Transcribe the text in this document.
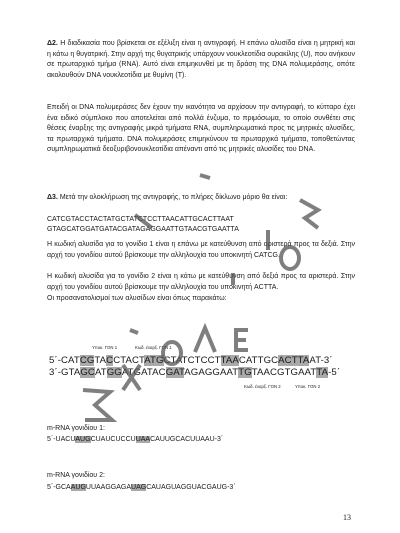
Δ2. Η διαδικασία που βρίσκεται σε εξέλιξη είναι η αντιγραφή. Η επάνω αλυσίδα είναι η μητρική και η κάτω η θυγατρική. Στην αρχή της θυγατρικής υπάρχουν νουκλεοτίδια ουρακίλης (U), που ανήκουν σε πρωταρχικό τμήμα (RNA). Αυτό είναι επιμηκυνθεί με τη δράση της DNA πολυμεράσης, οπότε ακολουθούν DNA νουκλεοτίδια με θυμίνη (T).

Επειδή οι DNA πολυμεράσες δεν έχουν την ικανότητα να αρχίσουν την αντιγραφή, το κύτταρο έχει ένα ειδικό σύμπλοκο που αποτελείται από πολλά ένζυμα, το πριμόσωμα, το οποίο συνθέτει στις θέσεις έναρξης της αντιγραφής μικρά τμήματα RNA, συμπληρωματικά προς τις μητρικές αλυσίδες, τα πρωταρχικά τμήματα. DNA πολυμεράσες επιμηκύνουν τα πρωταρχικά τμήματα, τοποθετώντας συμπληρωματικά δεοξυριβονουκλεοτίδια απέναντι από τις μητρικές αλυσίδες του DNA.

Δ3. Μετά την ολοκλήρωση της αντιγραφής, το πλήρες δίκλωνο μόριο θα είναι:

CATCGTACCTACTATGCTATCTCCTTAACATTGCACTTAAT

GTAGCATGGATGATACGATAGAGGAATTGTAACGTGAATTA

Η κωδική αλυσίδα για το γονίδιο 1 είναι η επάνω με κατεύθυνση από αριστερά προς τα δεξιά. Στην αρχή του γονιδίου αυτού βρίσκουμε την αλληλουχία του υποκινητή CATCG.

Η κωδική αλυσίδα για το γονίδιο 2 είναι η κάτω με κατεύθυνση από δεξιά προς τα αριστερά. Στην αρχή του γονιδίου αυτού βρίσκουμε την αλληλουχία του υποκινητή ACTTA.

Οι προσανατολισμοί των αλυσίδων είναι όπως παρακάτω:

Υποκ. ΓΟΝ 1	Κωδ. έναρξ. ΓΟΝ 1
5΄-CATCGTACCTACTATGCTATCTCCTTAACATTGCACTTAAT-3΄
3΄-GTAGCATGGATGATACGATAGAGGAATTGTAACGTGAATTA-5΄
Κωδ. έναρξ. ΓΟΝ 2	Υποκ. ΓΟΝ 2

m-RNA γονιδίου 1:

5΄-UACUAUGCUAUCUCCUUAACAUUGCACUUAAU-3΄

m-RNA γονιδίου 2:

5΄-GCAAUGUUAAGGAGAUAGCAUAGUAGGUACGAUG-3΄

13
